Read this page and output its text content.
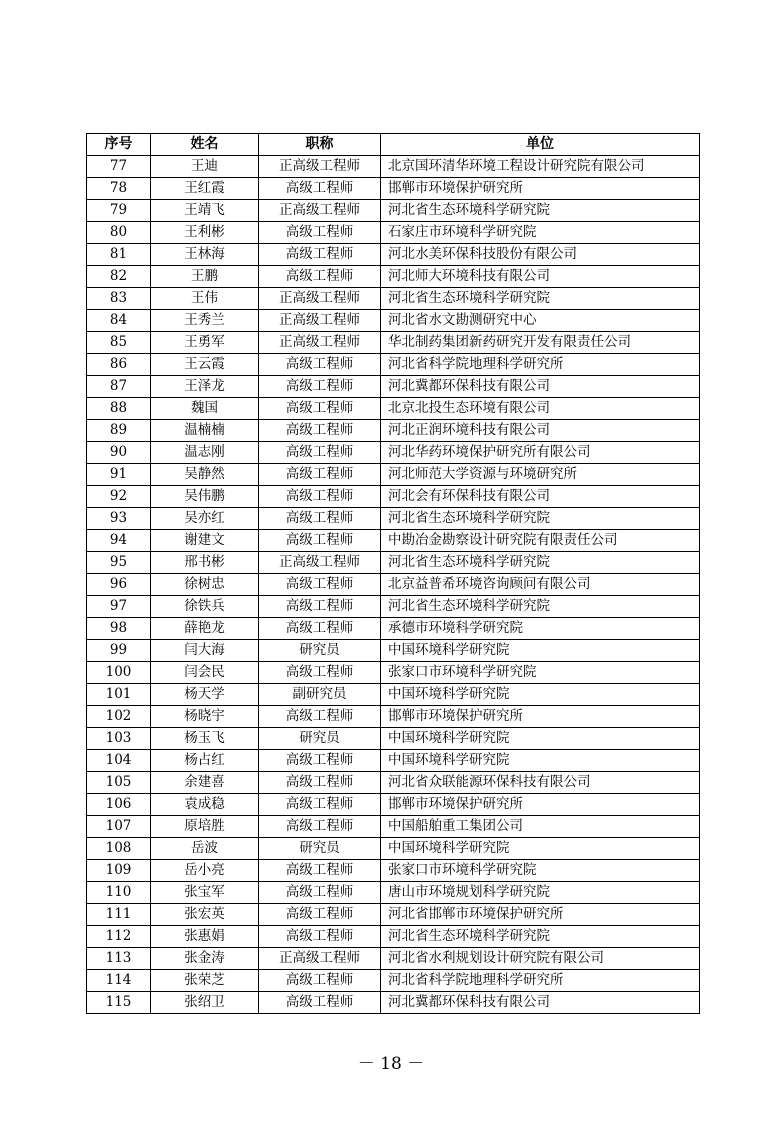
序号	姓名	职称	单位
77	王迪	正高级工程师	北京国环清华环境工程设计研究院有限公司
78	王红霞	高级工程师	邯郸市环境保护研究所
79	王靖飞	正高级工程师	河北省生态环境科学研究院
80	王利彬	高级工程师	石家庄市环境科学研究院
81	王林海	高级工程师	河北水美环保科技股份有限公司
82	王鹏	高级工程师	河北师大环境科技有限公司
83	王伟	正高级工程师	河北省生态环境科学研究院
84	王秀兰	正高级工程师	河北省水文勘测研究中心
85	王勇军	正高级工程师	华北制药集团新药研究开发有限责任公司
86	王云霞	高级工程师	河北省科学院地理科学研究所
87	王泽龙	高级工程师	河北冀都环保科技有限公司
88	魏国	高级工程师	北京北投生态环境有限公司
89	温楠楠	高级工程师	河北正润环境科技有限公司
90	温志刚	高级工程师	河北华药环境保护研究所有限公司
91	吴静然	高级工程师	河北师范大学资源与环境研究所
92	吴伟鹏	高级工程师	河北会有环保科技有限公司
93	吴亦红	高级工程师	河北省生态环境科学研究院
94	谢建文	高级工程师	中勘冶金勘察设计研究院有限责任公司
95	邢书彬	正高级工程师	河北省生态环境科学研究院
96	徐树忠	高级工程师	北京益普希环境咨询顾问有限公司
97	徐铁兵	高级工程师	河北省生态环境科学研究院
98	薛艳龙	高级工程师	承德市环境科学研究院
99	闫大海	研究员	中国环境科学研究院
100	闫会民	高级工程师	张家口市环境科学研究院
101	杨天学	副研究员	中国环境科学研究院
102	杨晓宇	高级工程师	邯郸市环境保护研究所
103	杨玉飞	研究员	中国环境科学研究院
104	杨占红	高级工程师	中国环境科学研究院
105	余建喜	高级工程师	河北省众联能源环保科技有限公司
106	袁成稳	高级工程师	邯郸市环境保护研究所
107	原培胜	高级工程师	中国船舶重工集团公司
108	岳波	研究员	中国环境科学研究院
109	岳小亮	高级工程师	张家口市环境科学研究院
110	张宝军	高级工程师	唐山市环境规划科学研究院
111	张宏英	高级工程师	河北省邯郸市环境保护研究所
112	张惠娟	高级工程师	河北省生态环境科学研究院
113	张金涛	正高级工程师	河北省水利规划设计研究院有限公司
114	张荣芝	高级工程师	河北省科学院地理科学研究所
115	张绍卫	高级工程师	河北冀都环保科技有限公司
－ 18 －
